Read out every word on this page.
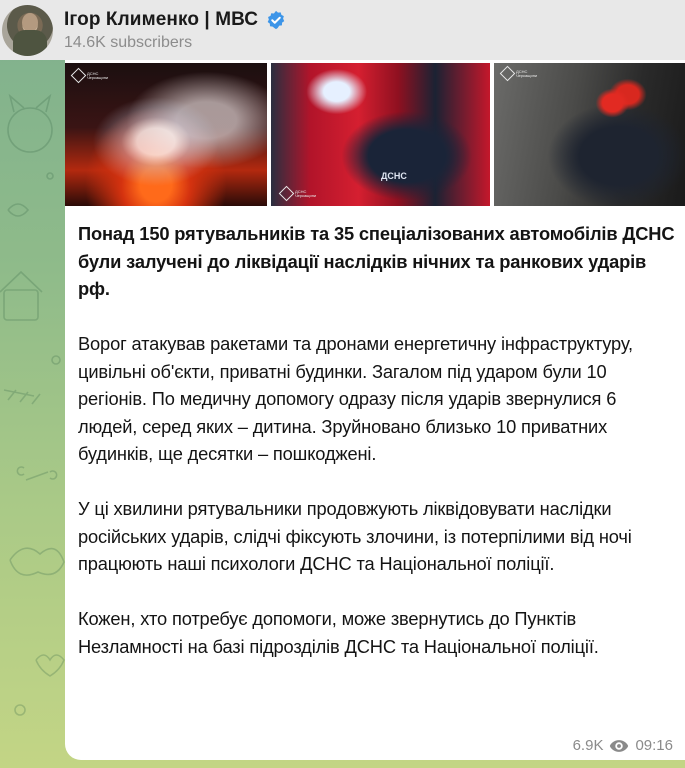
Ігор Клименко | МВС
14.6K subscribers
ДСНС
Черкащини
ДСНС
ДСНС
Черкащини
ДСНС
Черкащини

Понад 150 рятувальників та 35 спеціалізованих автомобілів ДСНС були залучені до ліквідації наслідків нічних та ранкових ударів рф.

Ворог атакував ракетами та дронами енергетичну інфраструктуру, цивільні об'єкти, приватні будинки. Загалом під ударом були 10 регіонів. По медичну допомогу одразу після ударів звернулися 6 людей, серед яких – дитина. Зруйновано близько 10 приватних будинків, ще десятки – пошкоджені.

У ці хвилини рятувальники продовжують ліквідовувати наслідки російських ударів, слідчі фіксують злочини, із потерпілими від ночі працюють наші психологи ДСНС та Національної поліції.

Кожен, хто потребує допомоги, може звернутись до Пунктів Незламності на базі підрозділів ДСНС та Національної поліції.

6.9K 09:16
